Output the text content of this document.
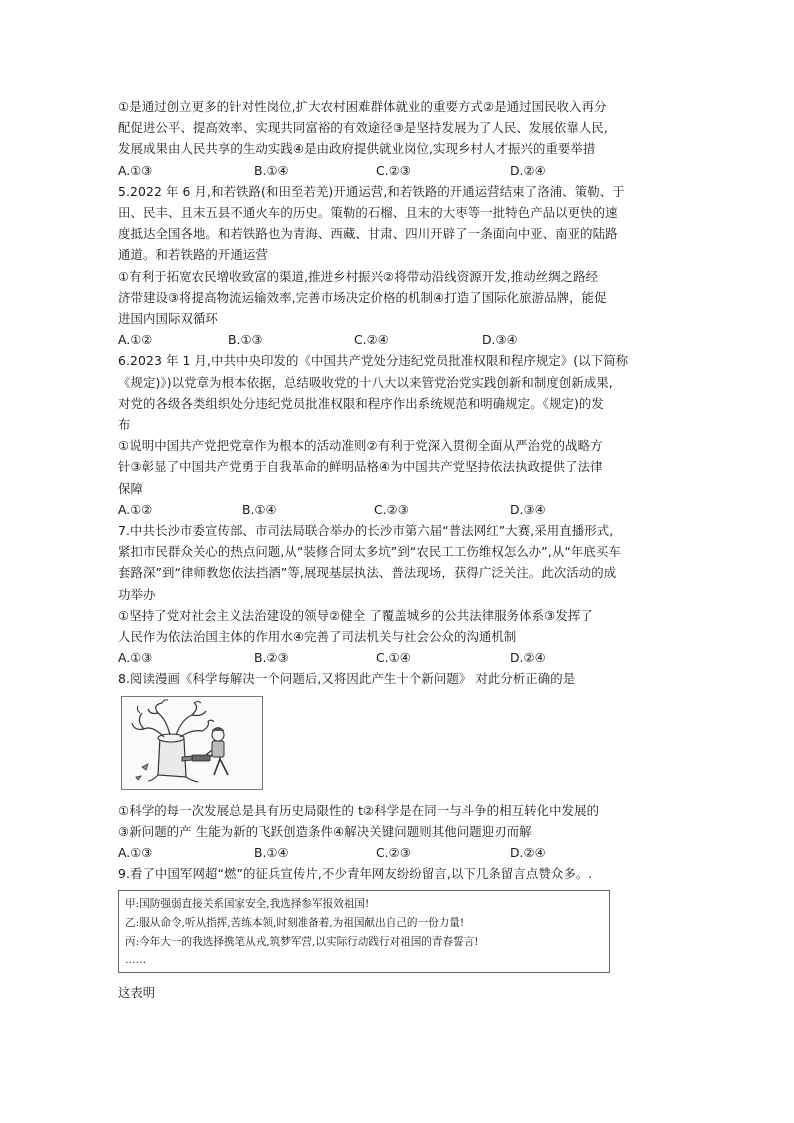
①是通过创立更多的针对性岗位,扩大农村困难群体就业的重要方式②是通过国民收入再分
配促进公平、提高效率、实现共同富裕的有效途径③是坚持发展为了人民、发展依靠人民,
发展成果由人民共享的生动实践④是由政府提供就业岗位,实现乡村人才振兴的重要举措
A.①③	B.①④	C.②③	D.②④
5.2022 年 6 月,和若铁路(和田至若羌)开通运营,和若铁路的开通运营结束了洛浦、策勒、于
田、民丰、且末五县不通火车的历史。策勒的石榴、且末的大枣等一批特色产品以更快的速
度抵达全国各地。和若铁路也为青海、西藏、甘肃、四川开辟了一条面向中亚、南亚的陆路
通道。和若铁路的开通运营
①有利于拓宽农民增收致富的渠道,推进乡村振兴②将带动沿线资源开发,推动丝绸之路经
济带建设③将提高物流运输效率,完善市场决定价格的机制④打造了国际化旅游品牌，能促
进国内国际双循环
A.①②	B.①③	C.②④	D.③④
6.2023 年 1 月,中共中央印发的《中国共产党处分违纪党员批准权限和程序规定》(以下简称
《规定)》)以党章为根本依据，总结吸收党的十八大以来管党治党实践创新和制度创新成果,
对党的各级各类组织处分违纪党员批准权限和程序作出系统规范和明确规定。《规定)的发
布
①说明中国共产党把党章作为根本的活动准则②有利于党深入贯彻全面从严治党的战略方
针③彰显了中国共产党勇于自我革命的鲜明品格④为中国共产党坚持依法执政提供了法律
保障
A.①②	B.①④	C.②③	D.③④
7.中共长沙市委宣传部、市司法局联合举办的长沙市第六届“普法网红”大赛,采用直播形式,
紧扣市民群众关心的热点问题,从“装修合同太多坑”到“农民工工伤维权怎么办”,从“年底买车
套路深”到“律师教您依法挡酒”等,展现基层执法、普法现场，获得广泛关注。此次活动的成
功举办
①坚持了党对社会主义法治建设的领导②健全 了覆盖城乡的公共法律服务体系③发挥了
人民作为依法治国主体的作用水④完善了司法机关与社会公众的沟通机制
A.①③	B.②③	C.①④	D.②④
8.阅读漫画《科学每解决一个问题后,又将因此产生十个新问题》 对此分析正确的是
①科学的每一次发展总是具有历史局限性的 t②科学是在同一与斗争的相互转化中发展的
③新问题的产 生能为新的飞跃创造条件④解决关键问题则其他问题迎刃而解
A.①③	B.①④	C.②③	D.②④
9.看了中国军网超“燃”的征兵宣传片,不少青年网友纷纷留言,以下几条留言点赞众多。.
甲:国防强弱直接关系国家安全,我选择参军报效祖国!
乙:服从命令,听从指挥,苦练本领,时刻准备着,为祖国献出自己的一份力量!
丙:今年大一的我选择携笔从戎,筑梦军营,以实际行动践行对祖国的青春誓言!
……
这表明
